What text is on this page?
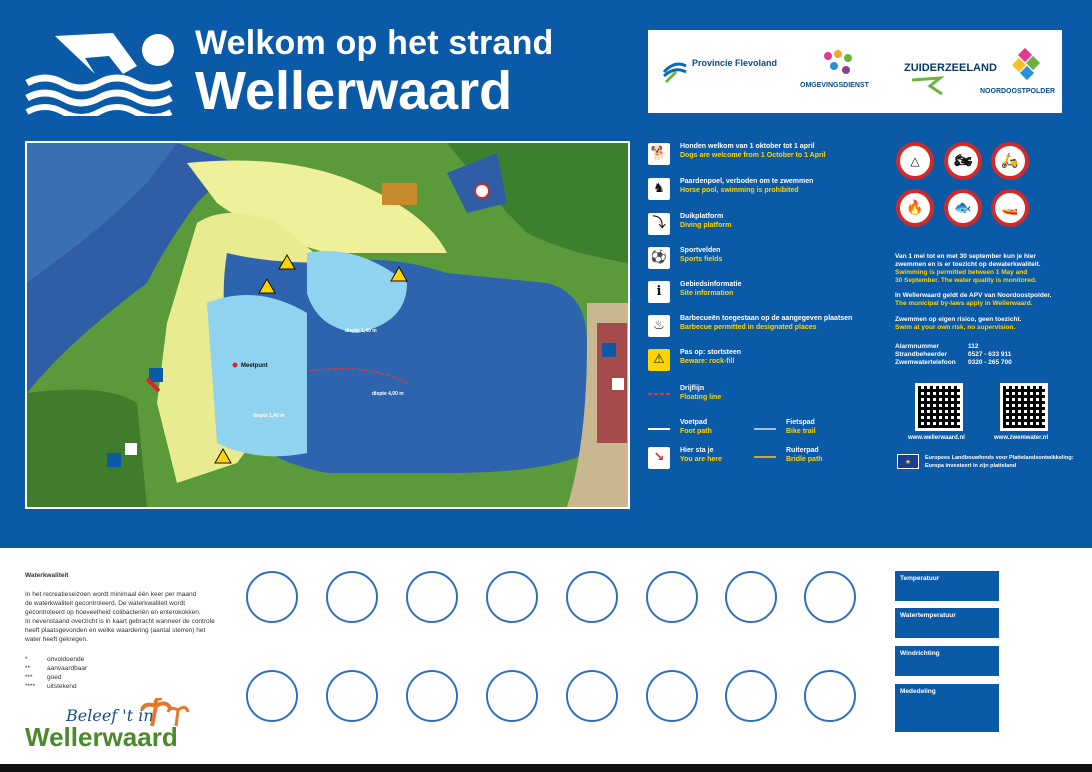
Welkom op het strand
Wellerwaard	Provincie Flevoland
OMGEVINGSDIENST
ZUIDERZEELAND
NOORDOOSTPOLDER
Meetpunt
diepte 1,40 m
diepte 1,40 m
diepte 4,00 m
🐕	Honden welkom van 1 oktober tot 1 april
Dogs are welcome from 1 October to 1 April
♞	Paardenpoel, verboden om te zwemmen
Horse pool, swimming is prohibited
⤵	Duikplatform
Diving platform
⚽	Sportvelden
Sports fields
i	Gebiedsinformatie
Site information
♨	Barbecueën toegestaan op de aangegeven plaatsen
Barbecue permitted in designated places
⚠	Pas op: stortsteen
Beware: rock-fill
Drijflijn
Floating line
Voetpad
Foot path
Fietspad
Bike trail
↘	Hier sta je
You are here
Ruiterpad
Bridle path
△	🏍	🛵
🔥	🐟	🚤
Van 1 mei tot en met 30 september kun je hier
zwemmen en is er toezicht op dewaterkwaliteit.
Swimming is permitted between 1 May and
30 September. The water quality is monitored.
In Wellerwaard geldt de APV van Noordoostpolder.
The municipal by-laws apply in Wellerwaard.
Zwemmen op eigen risico, geen toezicht.
Swim at your own risk, no supervision.
Alarmnummer	112
Strandbeheerder	0527 - 633 911
Zwemwatertelefoon 0320 - 265 700
www.wellerwaard.nl	www.zwemwater.nl
★	Europees Landbouwfonds voor Plattelandsontwikkeling:
Europa investeert in zijn platteland
Waterkwaliteit
In het recreatieseizoen wordt minimaal één keer per maand
de waterkwaliteit gecontroleerd. De waterkwaliteit wordt
gecontroleerd op hoeveelheid colibacteriën en enterokokken.
In nevenstaand overzicht is in kaart gebracht wanneer de controle
heeft plaatsgevonden en welke waardering (aantal sterren) het
water heeft gekregen.
*	onvoldoende
**	aanvaardbaar
*** goed
**** uitstekend
Beleef 't in
Wellerwaard
Temperatuur
Watertemperatuur
Windrichting
Mededeling
